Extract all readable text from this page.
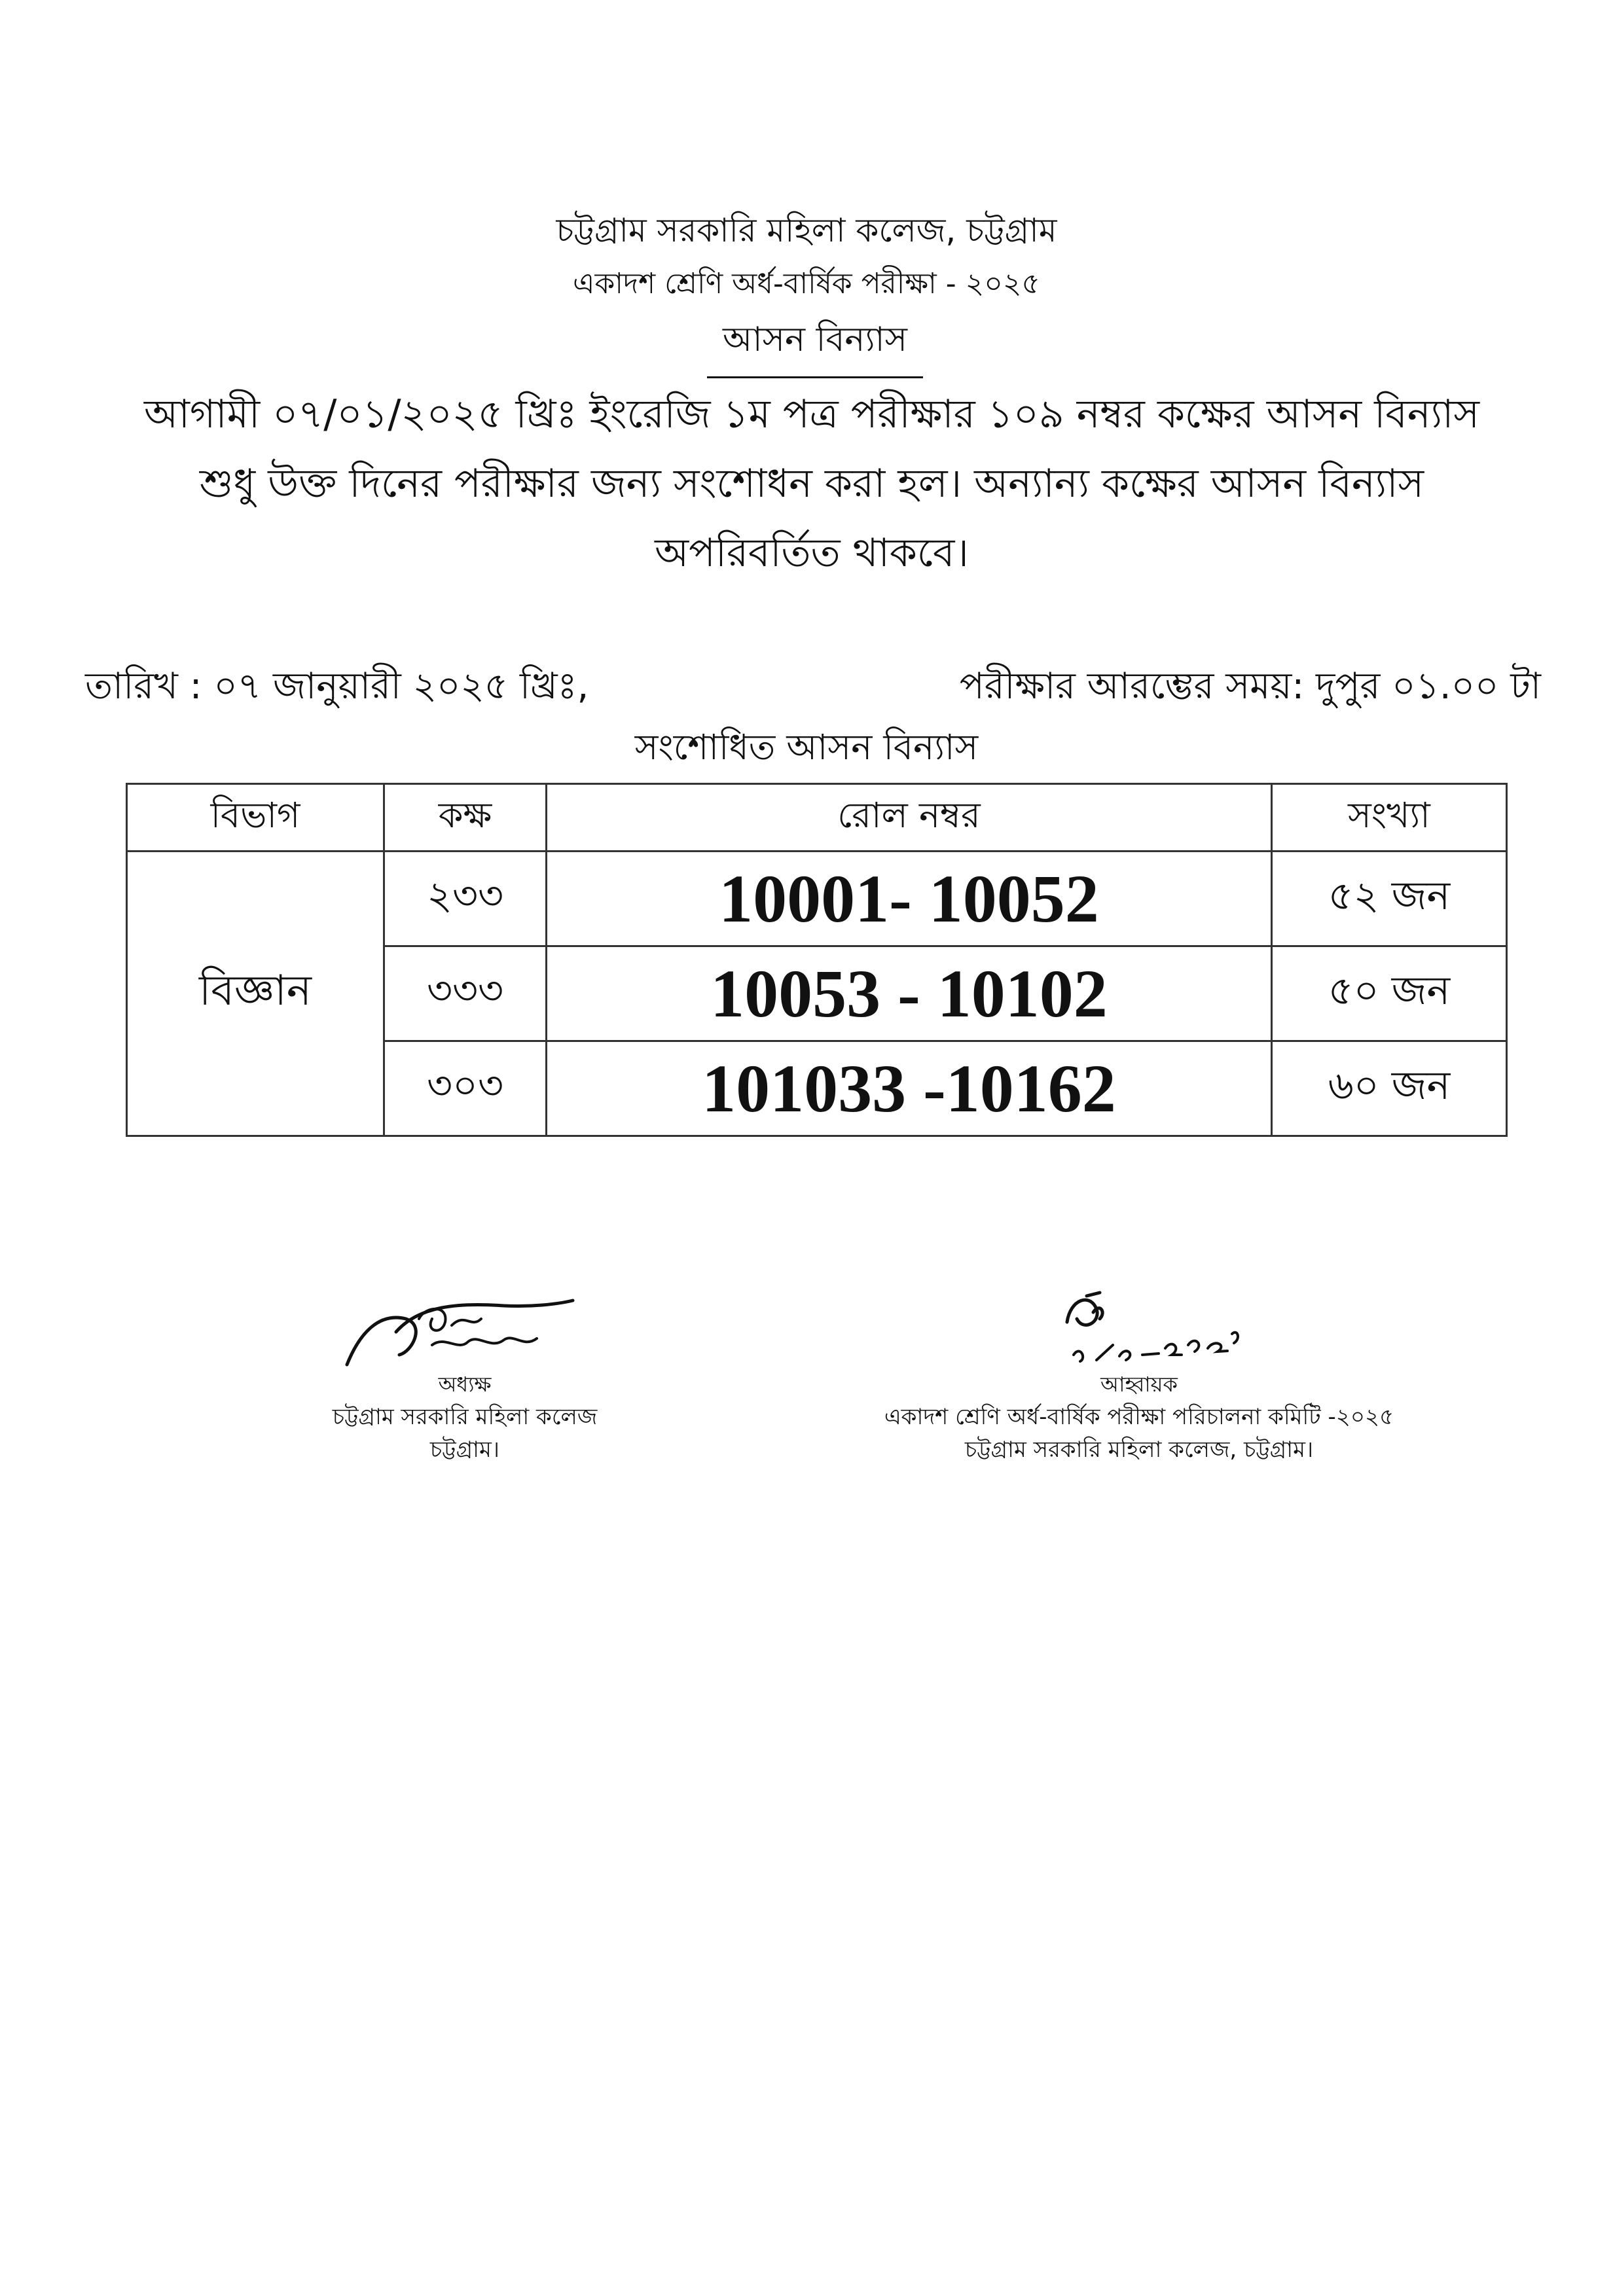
চট্টগ্রাম সরকারি মহিলা কলেজ, চট্টগ্রাম
একাদশ শ্রেণি অর্ধ-বার্ষিক পরীক্ষা - ২০২৫
আসন বিন্যাস
আগামী ০৭/০১/২০২৫ খ্রিঃ ইংরেজি ১ম পত্র পরীক্ষার ১০৯ নম্বর কক্ষের আসন বিন্যাস
শুধু উক্ত দিনের পরীক্ষার জন্য সংশোধন করা হল। অন্যান্য কক্ষের আসন বিন্যাস
অপরিবর্তিত থাকবে।
তারিখ : ০৭ জানুয়ারী ২০২৫ খ্রিঃ,	পরীক্ষার আরম্ভের সময়: দুপুর ০১.০০ টা
সংশোধিত আসন বিন্যাস
বিভাগ	কক্ষ	রোল নম্বর	সংখ্যা
বিজ্ঞান	২৩৩	10001- 10052	৫২ জন
	৩৩৩	10053 - 10102	৫০ জন
	৩০৩	101033 -10162	৬০ জন
অধ্যক্ষ
চট্টগ্রাম সরকারি মহিলা কলেজ
চট্টগ্রাম।
আহ্বায়ক
একাদশ শ্রেণি অর্ধ-বার্ষিক পরীক্ষা পরিচালনা কমিটি -২০২৫
চট্টগ্রাম সরকারি মহিলা কলেজ, চট্টগ্রাম।
